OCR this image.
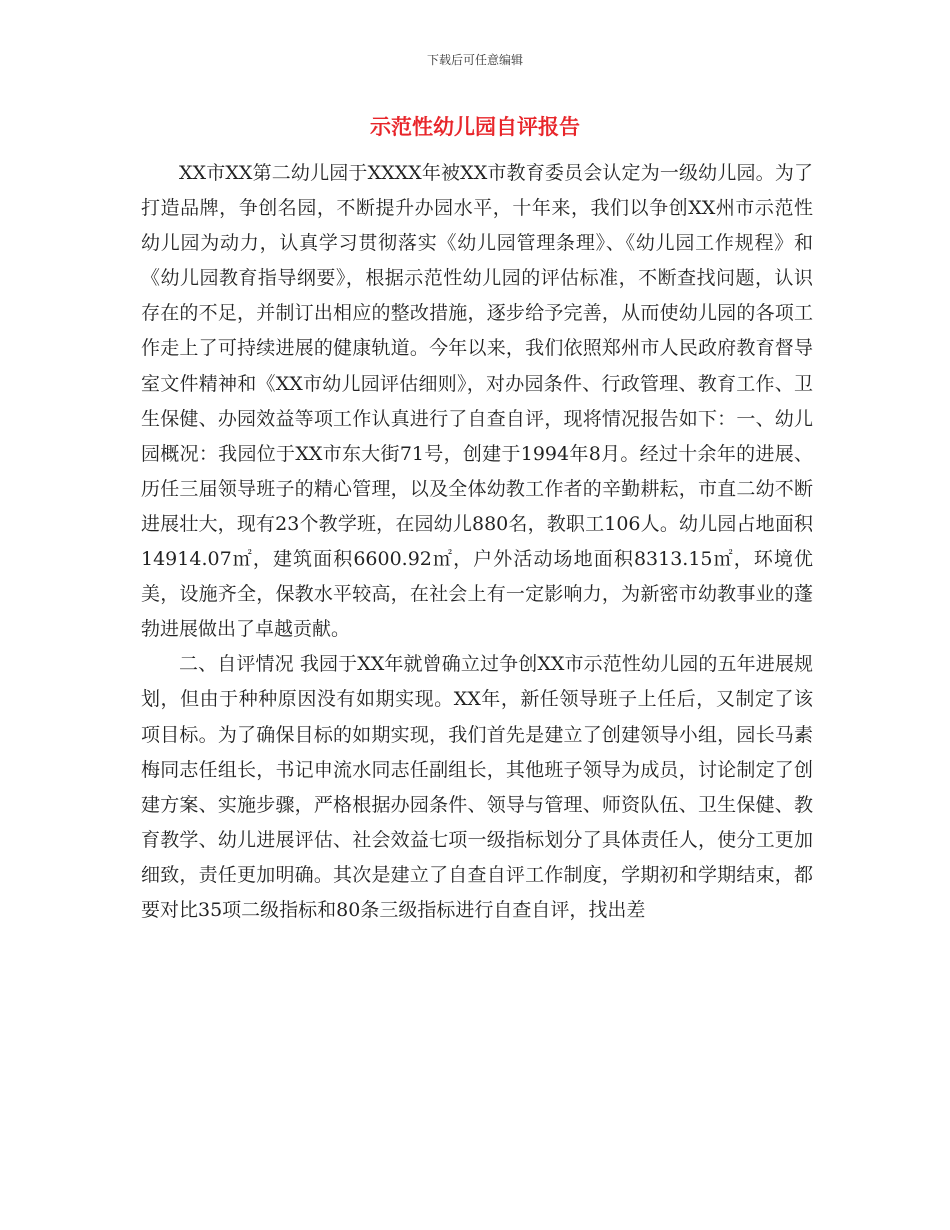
下载后可任意编辑
示范性幼儿园自评报告

XX市XX第二幼儿园于XXXX年被XX市教育委员会认定为一级幼儿园。为了打造品牌，争创名园，不断提升办园水平，十年来，我们以争创XX州市示范性幼儿园为动力，认真学习贯彻落实《幼儿园管理条理》、《幼儿园工作规程》和《幼儿园教育指导纲要》，根据示范性幼儿园的评估标准，不断查找问题，认识存在的不足，并制订出相应的整改措施，逐步给予完善，从而使幼儿园的各项工作走上了可持续进展的健康轨道。今年以来，我们依照郑州市人民政府教育督导室文件精神和《XX市幼儿园评估细则》，对办园条件、行政管理、教育工作、卫生保健、办园效益等项工作认真进行了自查自评，现将情况报告如下：一、幼儿园概况：我园位于XX市东大街71号，创建于1994年8月。经过十余年的进展、历任三届领导班子的精心管理，以及全体幼教工作者的辛勤耕耘，市直二幼不断进展壮大，现有23个教学班，在园幼儿880名，教职工106人。幼儿园占地面积14914.07㎡，建筑面积6600.92㎡，户外活动场地面积8313.15㎡，环境优美，设施齐全，保教水平较高，在社会上有一定影响力，为新密市幼教事业的蓬勃进展做出了卓越贡献。

二、自评情况 我园于XX年就曾确立过争创XX市示范性幼儿园的五年进展规划，但由于种种原因没有如期实现。XX年，新任领导班子上任后，又制定了该项目标。为了确保目标的如期实现，我们首先是建立了创建领导小组，园长马素梅同志任组长，书记申流水同志任副组长，其他班子领导为成员，讨论制定了创建方案、实施步骤，严格根据办园条件、领导与管理、师资队伍、卫生保健、教育教学、幼儿进展评估、社会效益七项一级指标划分了具体责任人，使分工更加细致，责任更加明确。其次是建立了自查自评工作制度，学期初和学期结束，都要对比35项二级指标和80条三级指标进行自查自评，找出差
